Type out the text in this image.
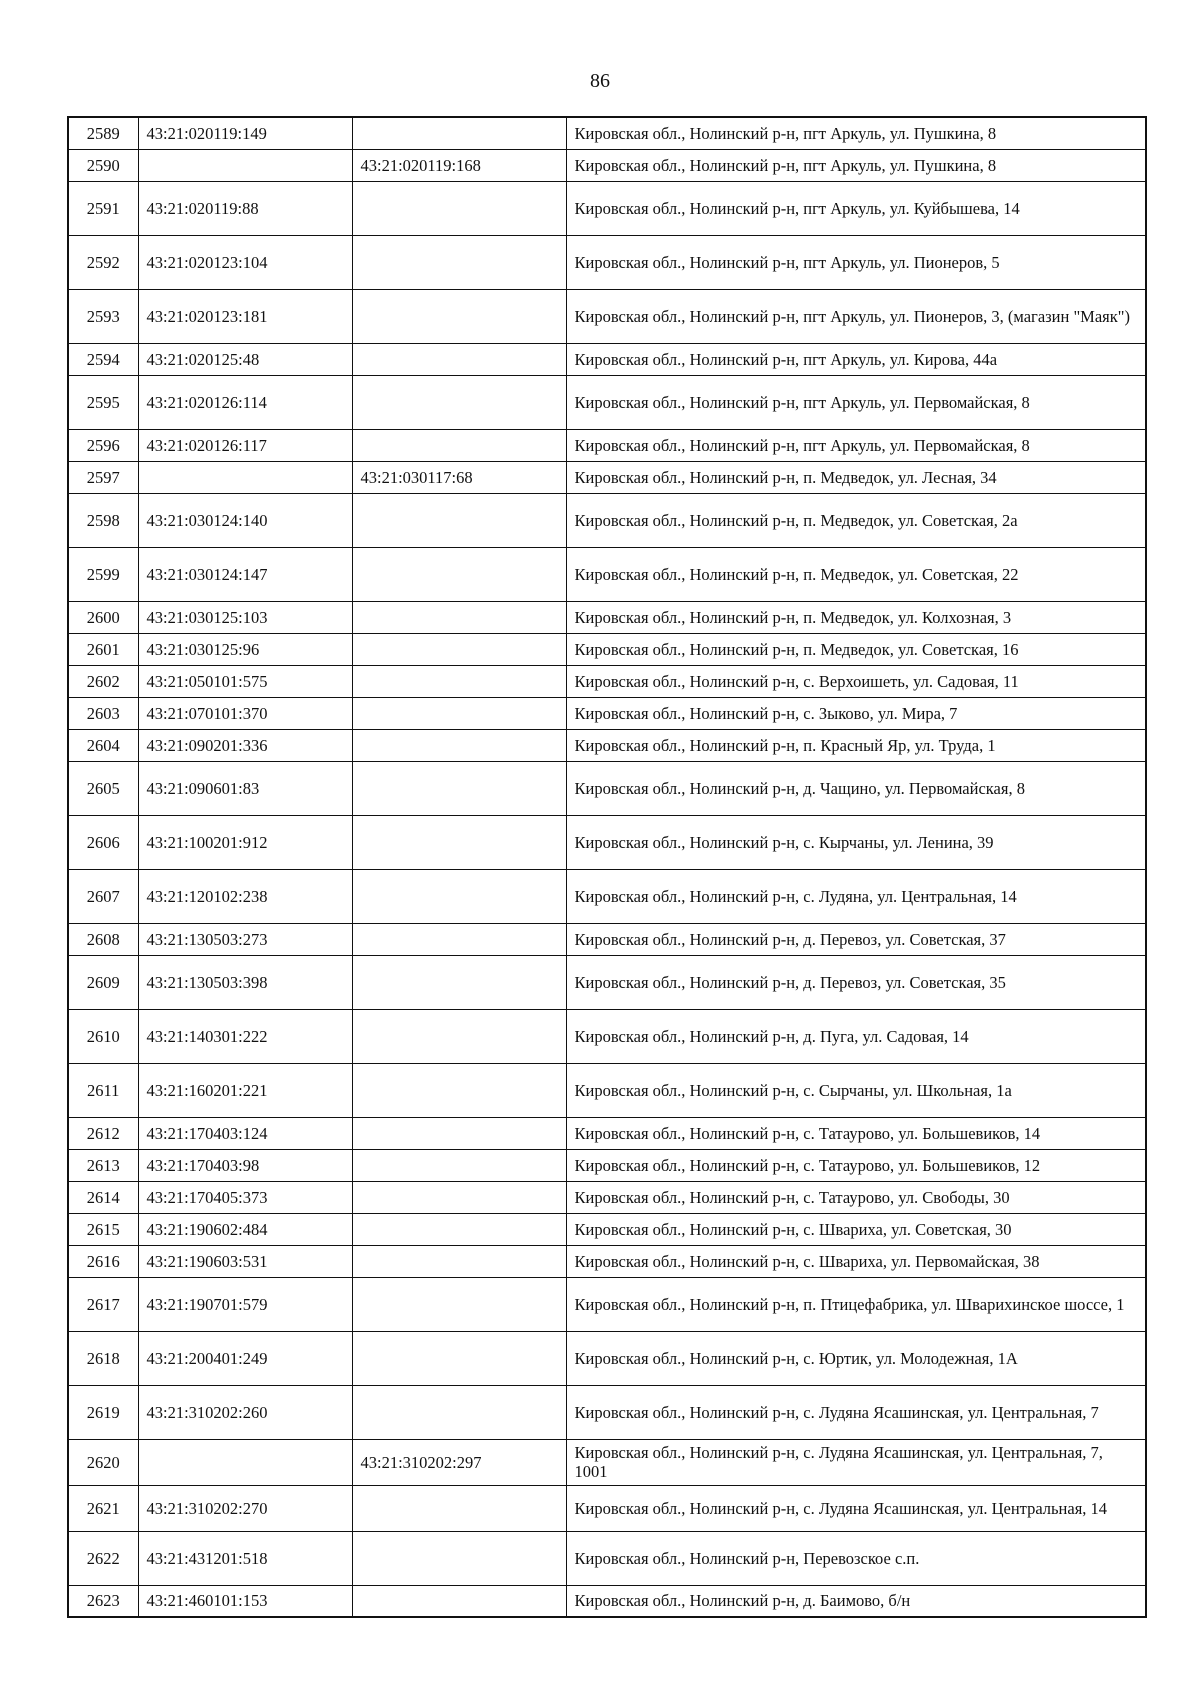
86
2589	43:21:020119:149		Кировская обл., Нолинский р-н, пгт Аркуль, ул. Пушкина, 8
2590		43:21:020119:168	Кировская обл., Нолинский р-н, пгт Аркуль, ул. Пушкина, 8
2591	43:21:020119:88		Кировская обл., Нолинский р-н, пгт Аркуль, ул. Куйбышева, 14
2592	43:21:020123:104		Кировская обл., Нолинский р-н, пгт Аркуль, ул. Пионеров, 5
2593	43:21:020123:181		Кировская обл., Нолинский р-н, пгт Аркуль, ул. Пионеров, 3, (магазин "Маяк")
2594	43:21:020125:48		Кировская обл., Нолинский р-н, пгт Аркуль, ул. Кирова, 44а
2595	43:21:020126:114		Кировская обл., Нолинский р-н, пгт Аркуль, ул. Первомайская, 8
2596	43:21:020126:117		Кировская обл., Нолинский р-н, пгт Аркуль, ул. Первомайская, 8
2597		43:21:030117:68	Кировская обл., Нолинский р-н, п. Медведок, ул. Лесная, 34
2598	43:21:030124:140		Кировская обл., Нолинский р-н, п. Медведок, ул. Советская, 2а
2599	43:21:030124:147		Кировская обл., Нолинский р-н, п. Медведок, ул. Советская, 22
2600	43:21:030125:103		Кировская обл., Нолинский р-н, п. Медведок, ул. Колхозная, 3
2601	43:21:030125:96		Кировская обл., Нолинский р-н, п. Медведок, ул. Советская, 16
2602	43:21:050101:575		Кировская обл., Нолинский р-н, с. Верхоишеть, ул. Садовая, 11
2603	43:21:070101:370		Кировская обл., Нолинский р-н, с. Зыково, ул. Мира, 7
2604	43:21:090201:336		Кировская обл., Нолинский р-н, п. Красный Яр, ул. Труда, 1
2605	43:21:090601:83		Кировская обл., Нолинский р-н, д. Чащино, ул. Первомайская, 8
2606	43:21:100201:912		Кировская обл., Нолинский р-н, с. Кырчаны, ул. Ленина, 39
2607	43:21:120102:238		Кировская обл., Нолинский р-н, с. Лудяна, ул. Центральная, 14
2608	43:21:130503:273		Кировская обл., Нолинский р-н, д. Перевоз, ул. Советская, 37
2609	43:21:130503:398		Кировская обл., Нолинский р-н, д. Перевоз, ул. Советская, 35
2610	43:21:140301:222		Кировская обл., Нолинский р-н, д. Пуга, ул. Садовая, 14
2611	43:21:160201:221		Кировская обл., Нолинский р-н, с. Сырчаны, ул. Школьная, 1а
2612	43:21:170403:124		Кировская обл., Нолинский р-н, с. Татаурово, ул. Большевиков, 14
2613	43:21:170403:98		Кировская обл., Нолинский р-н, с. Татаурово, ул. Большевиков, 12
2614	43:21:170405:373		Кировская обл., Нолинский р-н, с. Татаурово, ул. Свободы, 30
2615	43:21:190602:484		Кировская обл., Нолинский р-н, с. Швариха, ул. Советская, 30
2616	43:21:190603:531		Кировская обл., Нолинский р-н, с. Швариха, ул. Первомайская, 38
2617	43:21:190701:579		Кировская обл., Нолинский р-н, п. Птицефабрика, ул. Шварихинское шоссе, 1
2618	43:21:200401:249		Кировская обл., Нолинский р-н, с. Юртик, ул. Молодежная, 1А
2619	43:21:310202:260		Кировская обл., Нолинский р-н, с. Лудяна Ясашинская, ул. Центральная, 7
2620		43:21:310202:297	Кировская обл., Нолинский р-н, с. Лудяна Ясашинская, ул. Центральная, 7, 1001
2621	43:21:310202:270		Кировская обл., Нолинский р-н, с. Лудяна Ясашинская, ул. Центральная, 14
2622	43:21:431201:518		Кировская обл., Нолинский р-н, Перевозское с.п.
2623	43:21:460101:153		Кировская обл., Нолинский р-н, д. Баимово, б/н
